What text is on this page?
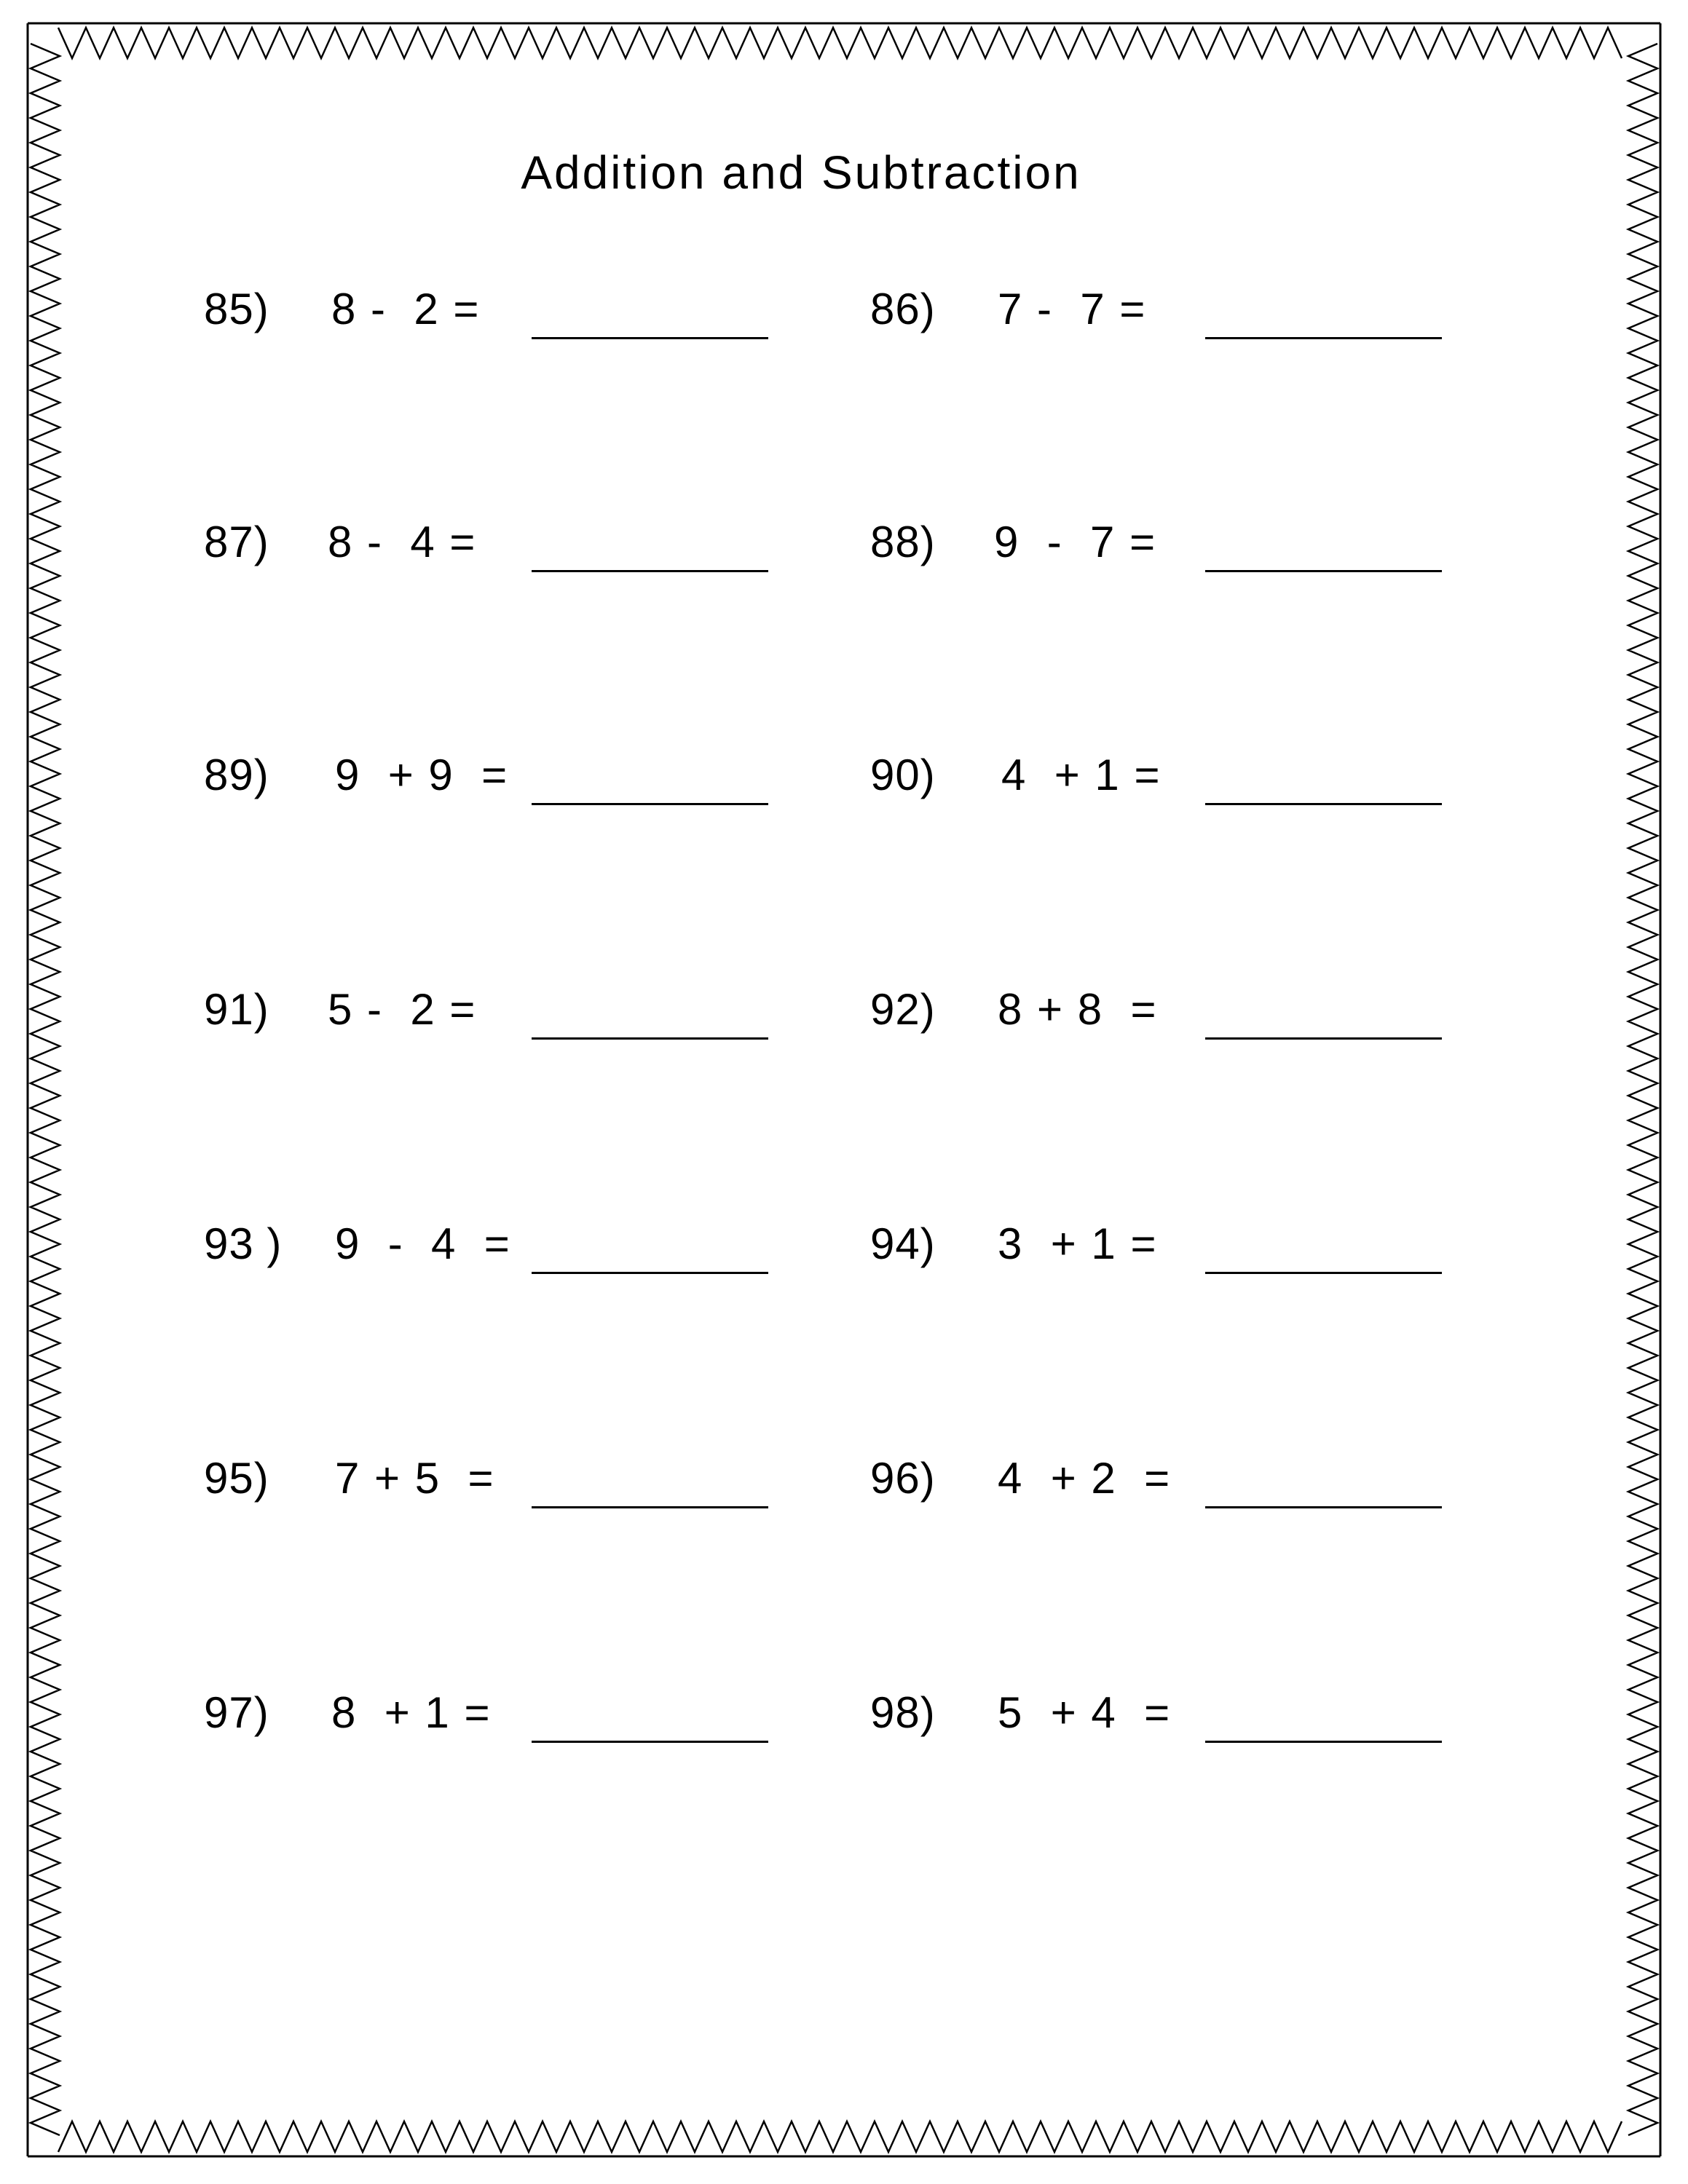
Addition and Subtraction
85) 8 -  2 =	86) 7 -  7 =
87) 8 -  4 =	88) 9  -  7 =
89) 9  + 9  =	90) 4  + 1 =
91) 5 -  2 =	92) 8 + 8  =
93 ) 9  -  4  =	94) 3  + 1 =
95) 7 + 5  =	96) 4  + 2  =
97) 8  + 1 =	98) 5  + 4  =
